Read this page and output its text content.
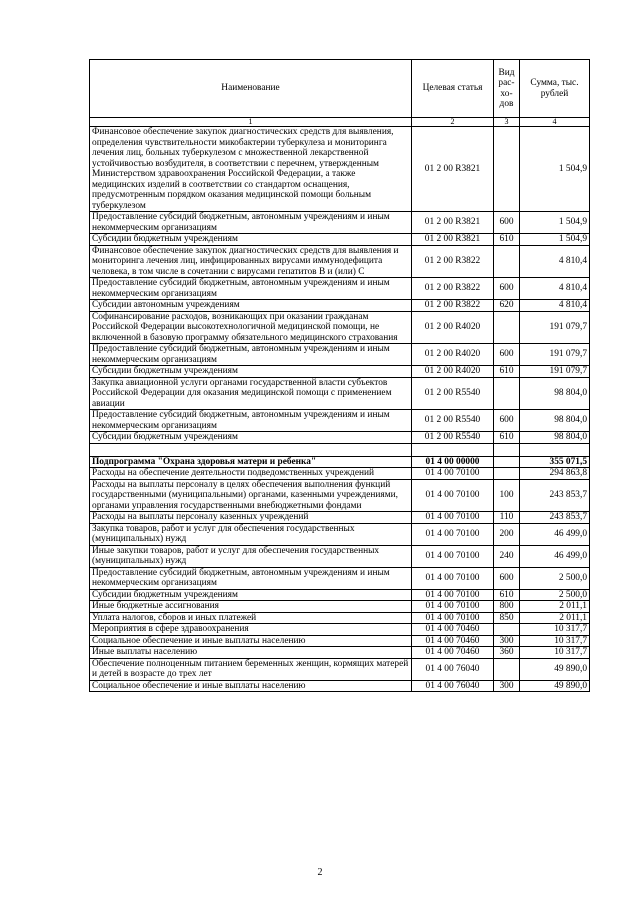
Наименование	Целевая статья	Вид рас-хо-дов	Сумма, тыс. рублей
1	2	3	4
Финансовое обеспечение закупок диагностических средств для выявления, определения чувствительности микобактерии туберкулеза и мониторинга лечения лиц, больных туберкулезом с множественной лекарственной устойчивостью возбудителя, в соответствии с перечнем, утвержденным Министерством здравоохранения Российской Федерации, а также медицинских изделий в соответствии со стандартом оснащения, предусмотренным порядком оказания медицинской помощи больным туберкулезом	01 2 00 R3821		1 504,9
Предоставление субсидий бюджетным, автономным учреждениям и иным некоммерческим организациям	01 2 00 R3821	600	1 504,9
Субсидии бюджетным учреждениям	01 2 00 R3821	610	1 504,9
Финансовое обеспечение закупок диагностических средств для выявления и мониторинга лечения лиц, инфицированных вирусами иммунодефицита человека, в том числе в сочетании с вирусами гепатитов B и (или) C	01 2 00 R3822		4 810,4
Предоставление субсидий бюджетным, автономным учреждениям и иным некоммерческим организациям	01 2 00 R3822	600	4 810,4
Субсидии автономным учреждениям	01 2 00 R3822	620	4 810,4
Софинансирование расходов, возникающих при оказании гражданам Российской Федерации высокотехнологичной медицинской помощи, не включенной в базовую программу обязательного медицинского страхования	01 2 00 R4020		191 079,7
Предоставление субсидий бюджетным, автономным учреждениям и иным некоммерческим организациям	01 2 00 R4020	600	191 079,7
Субсидии бюджетным учреждениям	01 2 00 R4020	610	191 079,7
Закупка авиационной услуги органами государственной власти субъектов Российской Федерации для оказания медицинской помощи с применением авиации	01 2 00 R5540		98 804,0
Предоставление субсидий бюджетным, автономным учреждениям и иным некоммерческим организациям	01 2 00 R5540	600	98 804,0
Субсидии бюджетным учреждениям	01 2 00 R5540	610	98 804,0

Подпрограмма "Охрана здоровья матери и ребенка"	01 4 00 00000		355 071,5
Расходы на обеспечение деятельности подведомственных учреждений	01 4 00 70100		294 863,8
Расходы на выплаты персоналу в целях обеспечения выполнения функций государственными (муниципальными) органами, казенными учреждениями, органами управления государственными внебюджетными фондами	01 4 00 70100	100	243 853,7
Расходы на выплаты персоналу казенных учреждений	01 4 00 70100	110	243 853,7
Закупка товаров, работ и услуг для обеспечения государственных (муниципальных) нужд	01 4 00 70100	200	46 499,0
Иные закупки товаров, работ и услуг для обеспечения государственных (муниципальных) нужд	01 4 00 70100	240	46 499,0
Предоставление субсидий бюджетным, автономным учреждениям и иным некоммерческим организациям	01 4 00 70100	600	2 500,0
Субсидии бюджетным учреждениям	01 4 00 70100	610	2 500,0
Иные бюджетные ассигнования	01 4 00 70100	800	2 011,1
Уплата налогов, сборов и иных платежей	01 4 00 70100	850	2 011,1
Мероприятия в сфере здравоохранения	01 4 00 70460		10 317,7
Социальное обеспечение и иные выплаты населению	01 4 00 70460	300	10 317,7
Иные выплаты населению	01 4 00 70460	360	10 317,7
Обеспечение полноценным питанием беременных женщин, кормящих матерей и детей в возрасте до трех лет	01 4 00 76040		49 890,0
Социальное обеспечение и иные выплаты населению	01 4 00 76040	300	49 890,0
2
